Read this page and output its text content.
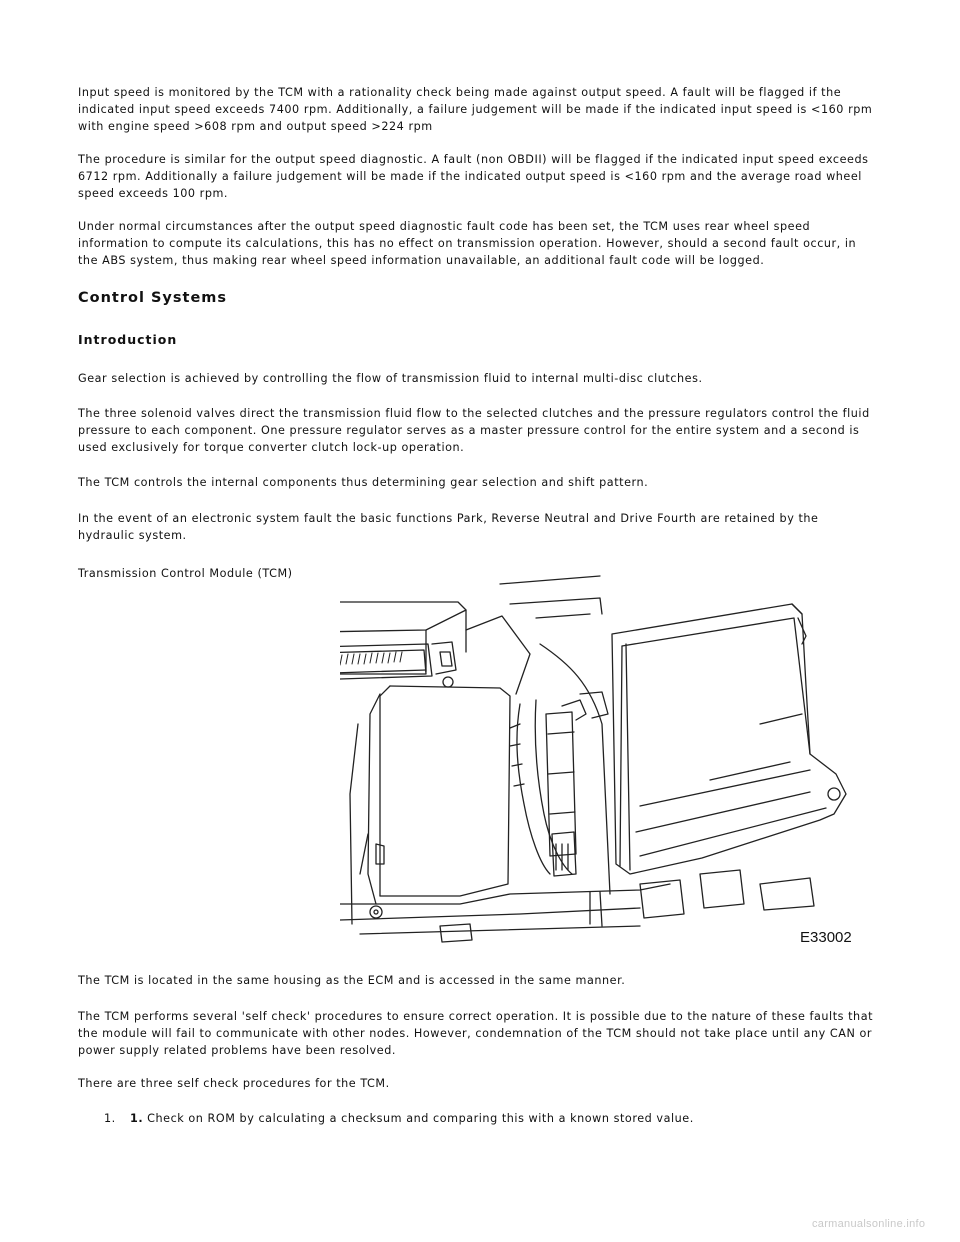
Input speed is monitored by the TCM with a rationality check being made against output speed. A fault will be flagged if the indicated input speed exceeds 7400 rpm. Additionally, a failure judgement will be made if the indicated input speed is <160 rpm with engine speed >608 rpm and output speed >224 rpm

The procedure is similar for the output speed diagnostic. A fault (non OBDII) will be flagged if the indicated input speed exceeds 6712 rpm. Additionally a failure judgement will be made if the indicated output speed is <160 rpm and the average road wheel speed exceeds 100 rpm.

Under normal circumstances after the output speed diagnostic fault code has been set, the TCM uses rear wheel speed information to compute its calculations, this has no effect on transmission operation. However, should a second fault occur, in the ABS system, thus making rear wheel speed information unavailable, an additional fault code will be logged.

Control Systems
Introduction

Gear selection is achieved by controlling the flow of transmission fluid to internal multi-disc clutches.

The three solenoid valves direct the transmission fluid flow to the selected clutches and the pressure regulators control the fluid pressure to each component. One pressure regulator serves as a master pressure control for the entire system and a second is used exclusively for torque converter clutch lock-up operation.

The TCM controls the internal components thus determining gear selection and shift pattern.

In the event of an electronic system fault the basic functions Park, Reverse Neutral and Drive Fourth are retained by the hydraulic system.

Transmission Control Module (TCM)

E33002

The TCM is located in the same housing as the ECM and is accessed in the same manner.

The TCM performs several 'self check' procedures to ensure correct operation. It is possible due to the nature of these faults that the module will fail to communicate with other nodes. However, condemnation of the TCM should not take place until any CAN or power supply related problems have been resolved.

There are three self check procedures for the TCM.

1. 1. Check on ROM by calculating a checksum and comparing this with a known stored value.
carmanualsonline.info
